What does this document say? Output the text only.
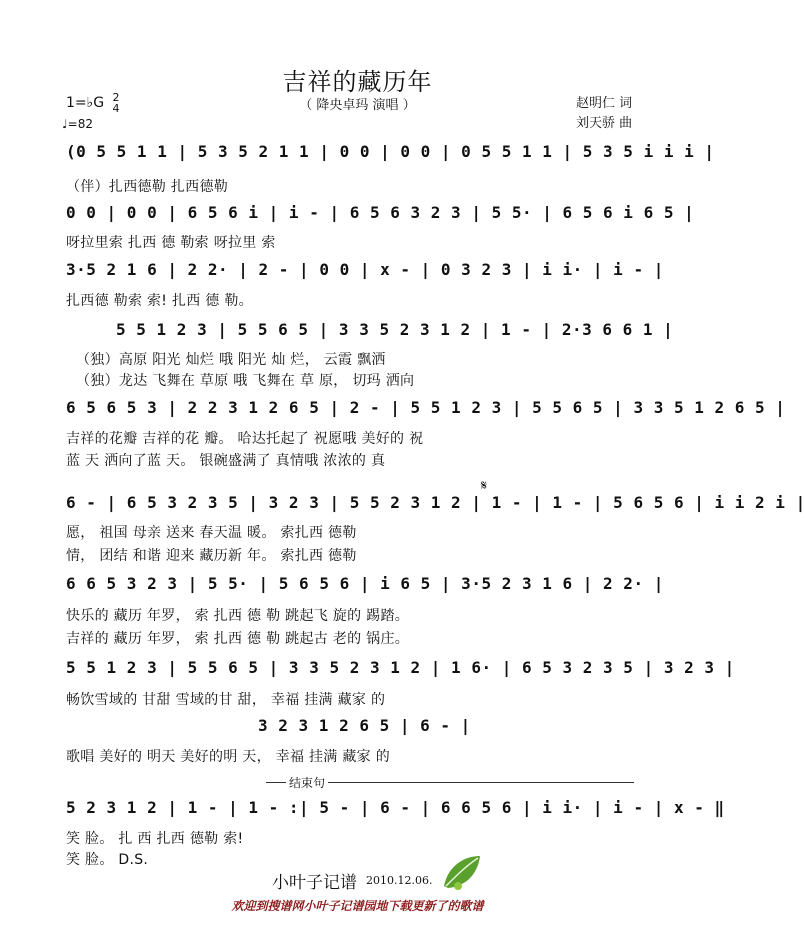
吉祥的藏历年
（ 降央卓玛 演唱 ）
1=♭G 2
4
♩=82
赵明仁 词
刘天骄 曲
(0 5 5 1 1 | 5 3 5 2 1 1 | 0 0 | 0 0 | 0 5 5 1 1 | 5 3 5 i i i |
（伴）扎西德勒 扎西德勒
0 0 | 0 0 | 6 5 6 i | i - | 6 5 6 3 2 3 | 5 5· | 6 5 6 i 6 5 |
呀拉里索 扎西 德 勒索 呀拉里 索
3·5 2 1 6 | 2 2· | 2 - | 0 0 | x - | 0 3 2 3 | i i· | i - |
扎西德 勒索 索! 扎西 德 勒。
5 5 1 2 3 | 5 5 6 5 | 3 3 5 2 3 1 2 | 1 - | 2·3 6 6 1 |
（独）高原 阳光 灿烂 哦 阳光 灿 烂， 云霞 飘洒
（独）龙达 飞舞在 草原 哦 飞舞在 草 原， 切玛 洒向
6 5 6 5 3 | 2 2 3 1 2 6 5 | 2 - | 5 5 1 2 3 | 5 5 6 5 | 3 3 5 1 2 6 5 |
吉祥的花瓣 吉祥的花 瓣。 哈达托起了 祝愿哦 美好的 祝
蓝 天 洒向了蓝 天。 银碗盛满了 真情哦 浓浓的 真
𝄋
6 - | 6 5 3 2 3 5 | 3 2 3 | 5 5 2 3 1 2 | 1 - | 1 - | 5 6 5 6 | i i 2 i |
愿， 祖国 母亲 送来 春天温 暖。 索扎西 德勒
情， 团结 和谐 迎来 藏历新 年。 索扎西 德勒
6 6 5 3 2 3 | 5 5· | 5 6 5 6 | i 6 5 | 3·5 2 3 1 6 | 2 2· |
快乐的 藏历 年罗， 索 扎西 德 勒 跳起飞 旋的 踢踏。
吉祥的 藏历 年罗， 索 扎西 德 勒 跳起古 老的 锅庄。
5 5 1 2 3 | 5 5 6 5 | 3 3 5 2 3 1 2 | 1 6· | 6 5 3 2 3 5 | 3 2 3 |
畅饮雪域的 甘甜 雪域的甘 甜， 幸福 挂满 藏家 的
3 2 3 1 2 6 5 | 6 - |
歌唱 美好的 明天 美好的明 天， 幸福 挂满 藏家 的
结束句
5 2 3 1 2 | 1 - | 1 - :| 5 - | 6 - | 6 6 5 6 | i i· | i - | x - ‖
笑 脸。 扎 西 扎西 德勒 索!
笑 脸。 D.S.
小叶子记谱 2010.12.06.
欢迎到搜谱网小叶子记谱园地下载更新了的歌谱
